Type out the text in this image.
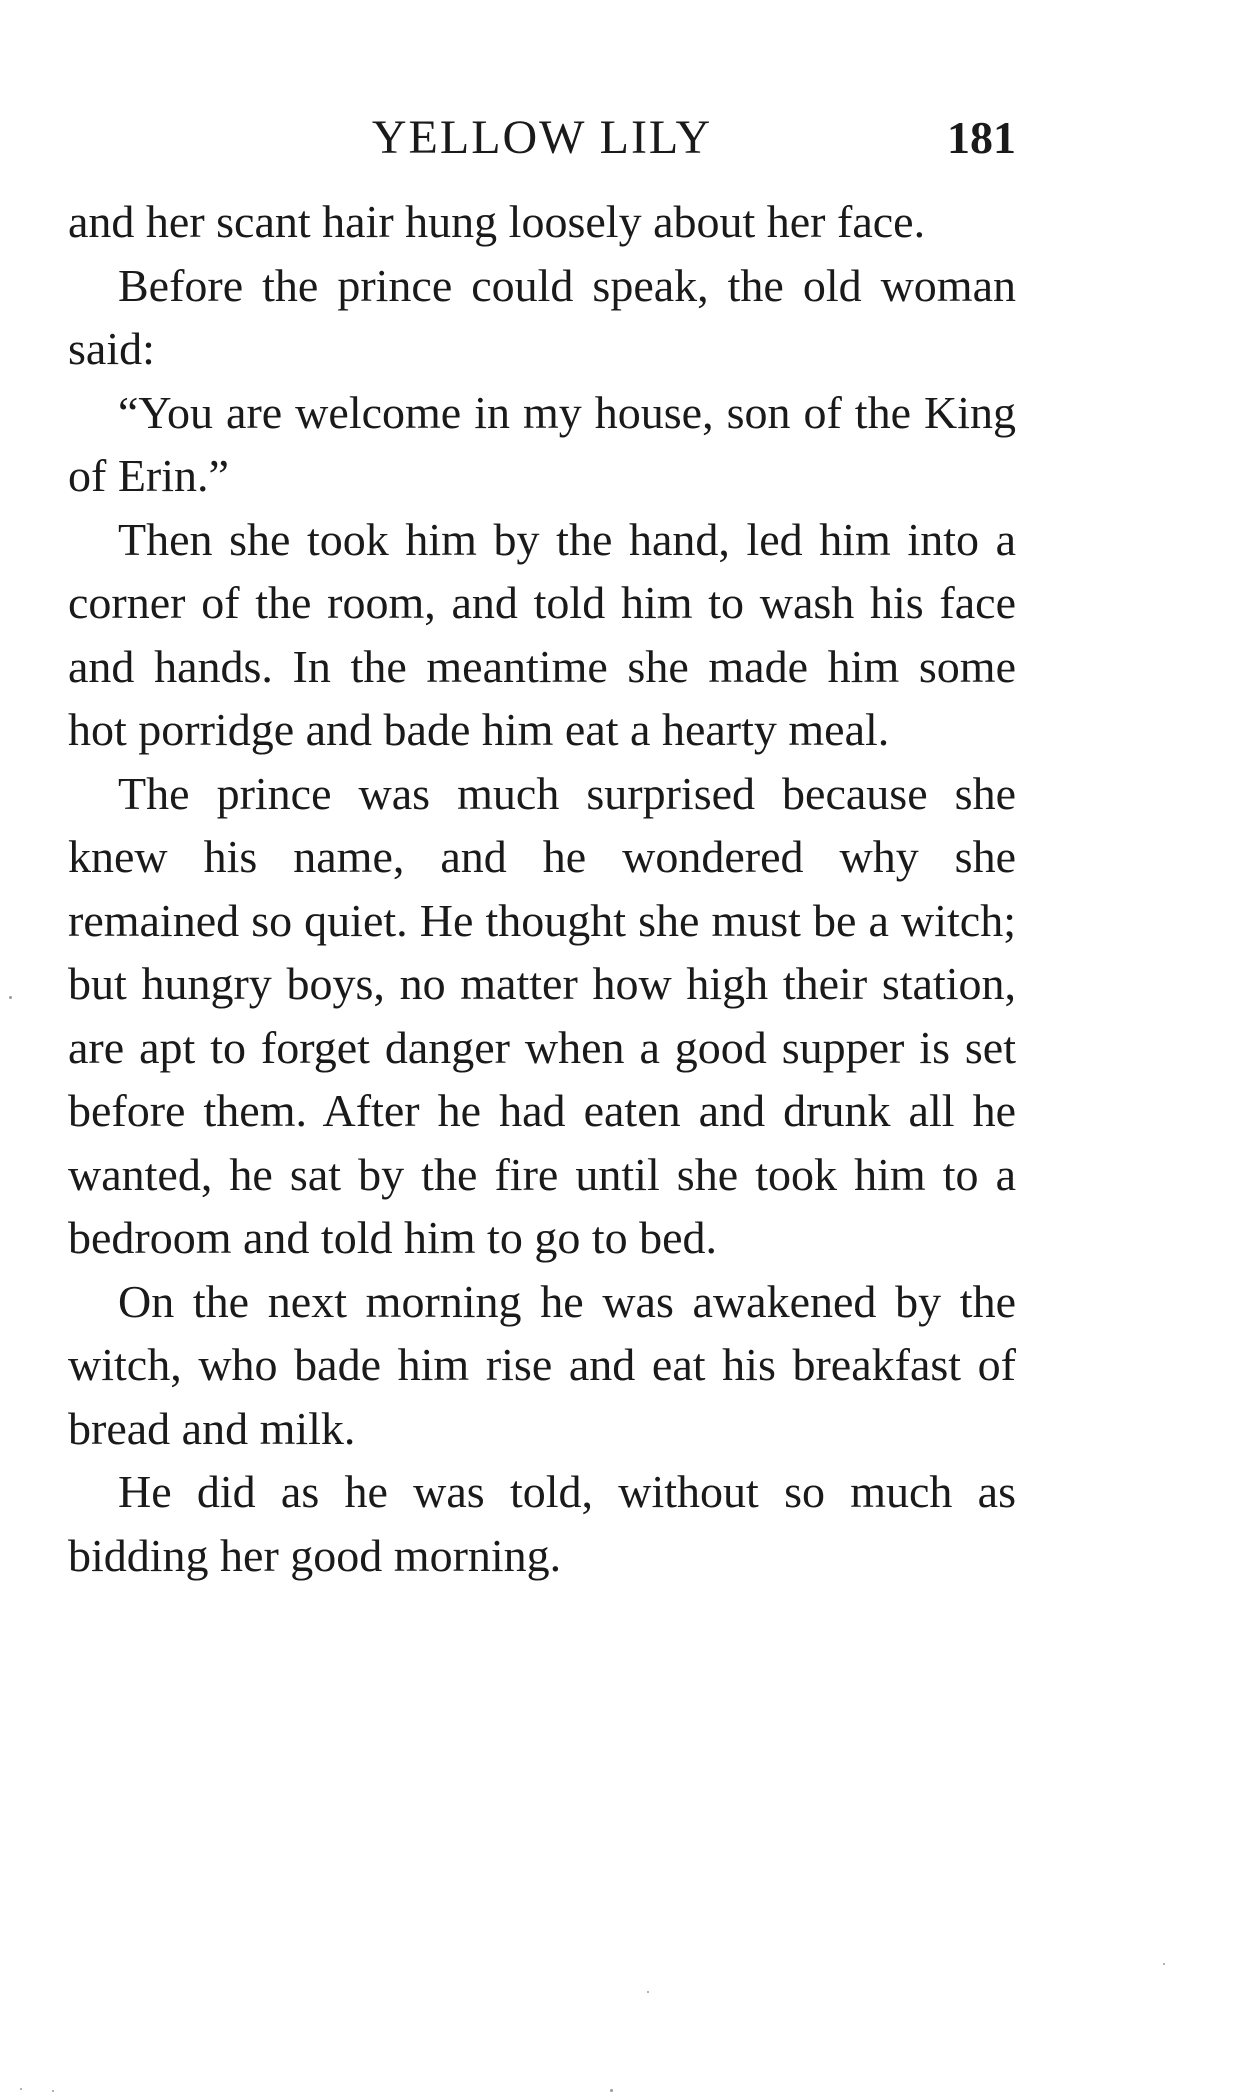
YELLOW LILY	181

and her scant hair hung loosely about her face.

Before the prince could speak, the old woman said:

“You are welcome in my house, son of the King of Erin.”

Then she took him by the hand, led him into a corner of the room, and told him to wash his face and hands. In the meantime she made him some hot porridge and bade him eat a hearty meal.

The prince was much surprised because she knew his name, and he wondered why she remained so quiet. He thought she must be a witch; but hungry boys, no matter how high their station, are apt to forget danger when a good supper is set before them. After he had eaten and drunk all he wanted, he sat by the fire until she took him to a bedroom and told him to go to bed.

On the next morning he was awakened by the witch, who bade him rise and eat his breakfast of bread and milk.

He did as he was told, without so much as bidding her good morning.
